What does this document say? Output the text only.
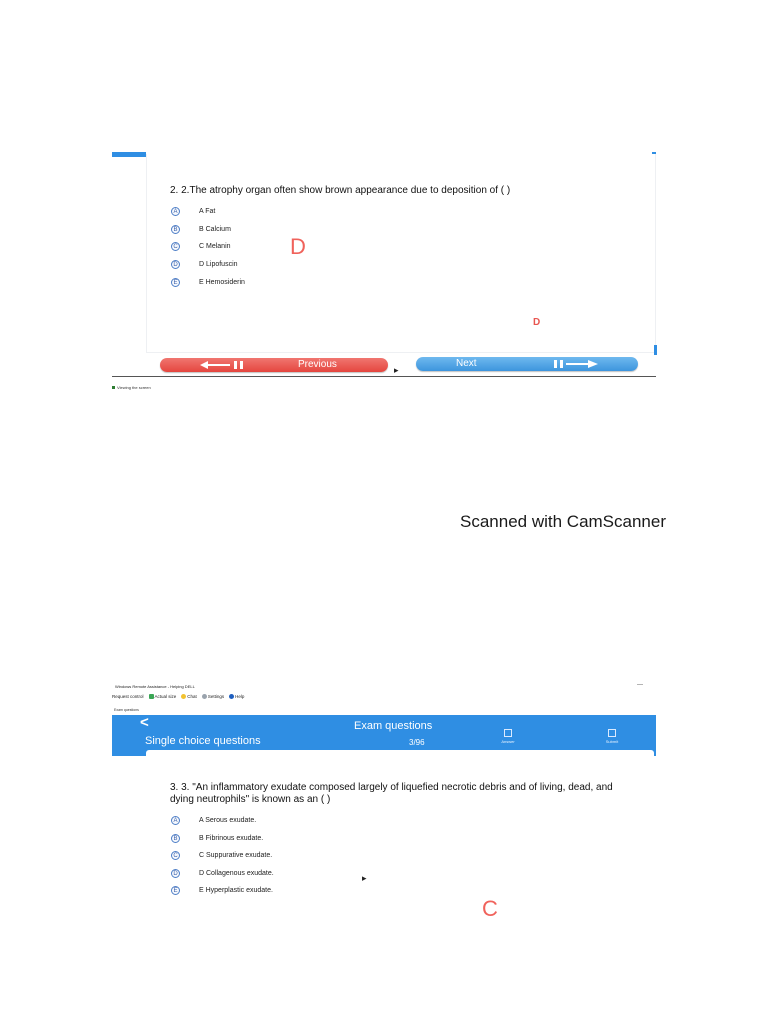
2. 2.The atrophy organ often show brown appearance due to deposition of ( )
A	A Fat
B	B Calcium
C	C Melanin
D	D Lipofuscin
E	E Hemosiderin
D
D
Previous	▸
Next
Viewing the screen
Scanned with CamScanner
Windows Remote Assistance - Helping DELL	—
Request control	Actual size	Chat	Settings	Help
Exam questions
<	Exam questions
Single choice questions	3/96	Answer	Submit
3. 3. "An inflammatory exudate composed largely of liquefied necrotic debris and of living, dead, and dying neutrophils" is known as an ( )
A	A Serous exudate.
B	B Fibrinous exudate.
C	C Suppurative exudate.
D	D Collagenous exudate.
E	E Hyperplastic exudate.
▸
C
